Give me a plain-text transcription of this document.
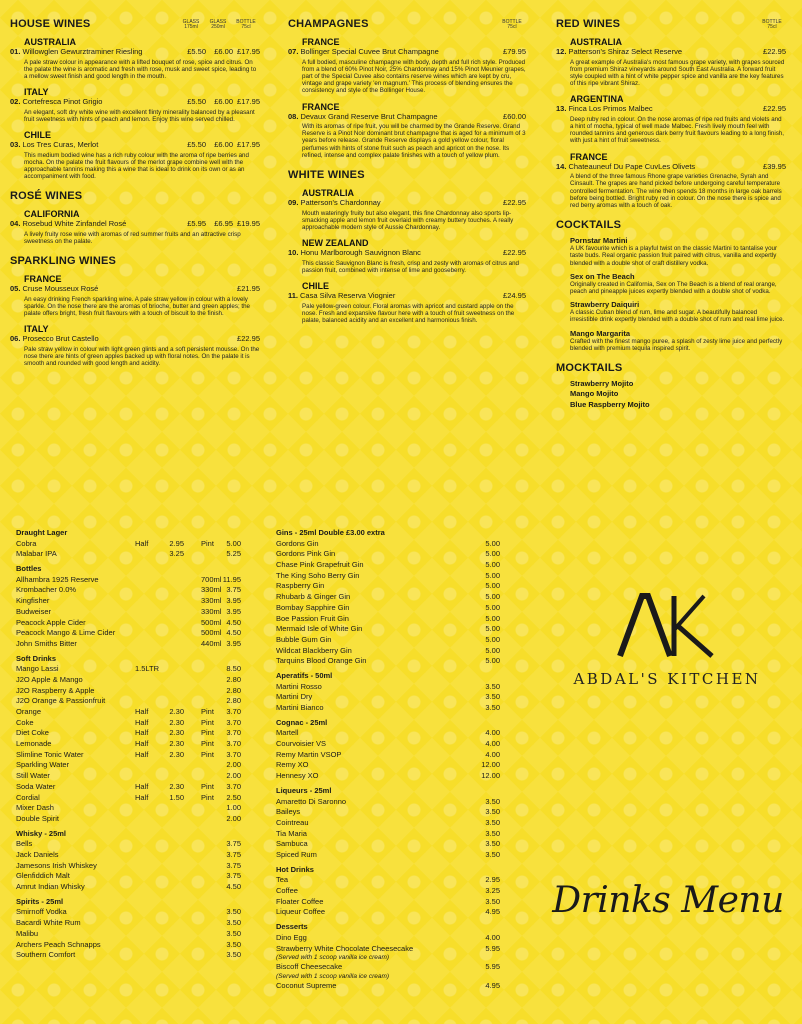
HOUSE WINES	GLASS 175ml
GLASS 250ml
BOTTLE 75cl
AUSTRALIA
01. Willowglen Gewurztraminer Riesling	£5.50 £6.00 £17.95
A pale straw colour in appearance with a lifted bouquet of rose, spice and citrus. On the palate the wine is aromatic and fresh with rose, musk and sweet spice, leading to a mellow sweet finish and good length in the mouth.
ITALY
02. Cortefresca Pinot Grigio	£5.50 £6.00 £17.95
An elegant, soft dry white wine with excellent flinty minerality balanced by a pleasant fruit sweetness with hints of peach and lemon. Enjoy this wine served chilled.
CHILE
03. Los Tres Curas, Merlot	£5.50 £6.00 £17.95
This medium bodied wine has a rich ruby colour with the aroma of ripe berries and mocha. On the palate the fruit flavours of the merlot grape combine well with the approachable tannins making this a wine that is ideal to drink on its own or as an accompaniment with food.
ROSÉ WINES
CALIFORNIA
04. Rosebud White Zinfandel Rosé	£5.95 £6.95 £19.95
A lively fruity rose wine with aromas of red summer fruits and an attractive crisp sweetness on the palate.
SPARKLING WINES
FRANCE
05. Cruse Mousseux Rosé	£21.95
An easy drinking French sparkling wine. A pale straw yellow in colour with a lovely sparkle. On the nose there are the aromas of brioche, butter and green apples; the palate offers bright, fresh fruit flavours with a touch of biscuit to the finish.
ITALY
06. Prosecco Brut Castello	£22.95
Pale straw yellow in colour with light green glints and a soft persistent mousse. On the nose there are hints of green apples backed up with floral notes. On the palate it is smooth and rounded with good length and acidity.
CHAMPAGNES	BOTTLE 75cl
FRANCE
07. Bollinger Special Cuvee Brut Champagne	£79.95
A full bodied, masculine champagne with body, depth and full rich style. Produced from a blend of 60% Pinot Noir, 25% Chardonnay and 15% Pinot Meunier grapes, part of the Special Cuvee also contains reserve wines which are kept by cru, vintage and grape variety 'en magnum.' This process of blending ensures the consistency and style of the Bollinger House.
FRANCE
08. Devaux Grand Reserve Brut Champagne	£60.00
With its aromas of ripe fruit, you will be charmed by the Grande Reserve. Grand Reserve is a Pinot Noir dominant brut champagne that is aged for a minimum of 3 years before release. Grande Reserve displays a gold yellow colour, floral perfumes with hints of stone fruit such as peach and apricot on the nose. Its refined, intense and complex palate finishes with a touch of yellow plum.
WHITE WINES
AUSTRALIA
09. Patterson's Chardonnay	£22.95
Mouth wateringly fruity but also elegant, this fine Chardonnay also sports lip-smacking apple and lemon fruit overlaid with creamy buttery touches. A really approachable modern style of Aussie Chardonnay.
NEW ZEALAND
10. Honu Marlborough Sauvignon Blanc	£22.95
This classic Sauvignon Blanc is fresh, crisp and zesty with aromas of citrus and passion fruit, combined with intense of lime and gooseberry.
CHILE
11. Casa Silva Reserva Viognier	£24.95
Pale yellow-green colour. Floral aromas with apricot and custard apple on the nose. Fresh and expansive flavour here with a touch of fruit sweetness on the palate, balanced acidity and an excellent and harmonious finish.
RED WINES	BOTTLE 75cl
AUSTRALIA
12. Patterson's Shiraz Select Reserve	£22.95
A great example of Australia's most famous grape variety, with grapes sourced from premium Shiraz vineyards around South East Australia. A forward fruit style coupled with a hint of white pepper spice and vanilla are the key features of this ripe vibrant Shiraz.
ARGENTINA
13. Finca Los Primos Malbec	£22.95
Deep ruby red in colour. On the nose aromas of ripe red fruits and violets and a hint of mocha, typical of well made Malbec. Fresh lively mouth feel with rounded tannins and generous dark berry fruit flavours leading to a long finish, with just a hint of fruit sweetness.
FRANCE
14. Chateauneuf Du Pape CuvLes Olivets	£39.95
A blend of the three famous Rhone grape varieties Grenache, Syrah and Cinsault. The grapes are hand picked before undergoing careful temperature controlled fermentation. The wine then spends 18 months in large oak barrels before being bottled. Bright ruby red in colour. On the nose there is spice and red berry aromas with a touch of oak.
COCKTAILS
Pornstar Martini
A UK favourite which is a playful twist on the classic Martini to tantalise your taste buds. Real organic passion fruit paired with citrus, vanilla and expertly blended with a double shot of craft distillery vodka.
Sex on The Beach
Originally created in California, Sex on The Beach is a blend of real orange, peach and pineapple juices expertly blended with a double shot of vodka.
Strawberry Daiquiri
A classic Cuban blend of rum, lime and sugar. A beautifully balanced irresistible drink expertly blended with a double shot of rum and real lime juice.
Mango Margarita
Crafted with the finest mango puree, a splash of zesty lime juice and perfectly blended with premium tequila inspired spirit.
MOCKTAILS
Strawberry Mojito
Mango Mojito
Blue Raspberry Mojito
Draught Lager
Cobra	Half	2.95 Pint	5.00
Malabar IPA	3.25	5.25
Bottles
Allhambra 1925 Reserve	700ml 11.95
Krombacher 0.0%	330ml 3.75
Kingfisher	330ml 3.95
Budweiser	330ml 3.95
Peacock Apple Cider	500ml 4.50
Peacock Mango & Lime Cider	500ml 4.50
John Smiths Bitter	440ml 3.95
Soft Drinks
Mango Lassi	1.5LTR	8.50
J2O Apple & Mango	2.80
J2O Raspberry & Apple	2.80
J2O Orange & Passionfruit	2.80
Orange	Half	2.30 Pint	3.70
Coke	Half	2.30 Pint	3.70
Diet Coke	Half	2.30 Pint	3.70
Lemonade	Half	2.30 Pint	3.70
Slimline Tonic Water	Half	2.30 Pint	3.70
Sparkling Water	2.00
Still Water	2.00
Soda Water	Half	2.30 Pint	3.70
Cordial	Half	1.50 Pint	2.50
Mixer Dash	1.00
Double Spirit	2.00
Whisky - 25ml
Bells	3.75
Jack Daniels	3.75
Jamesons Irish Whiskey	3.75
Glenfiddich Malt	3.75
Amrut Indian Whisky	4.50
Spirits - 25ml
Smirnoff Vodka	3.50
Bacardi White Rum	3.50
Malibu	3.50
Archers Peach Schnapps	3.50
Southern Comfort	3.50
Gins - 25ml Double £3.00 extra
Gordons Gin	5.00
Gordons Pink Gin	5.00
Chase Pink Grapefruit Gin	5.00
The King Soho Berry Gin	5.00
Raspberry Gin	5.00
Rhubarb & Ginger Gin	5.00
Bombay Sapphire Gin	5.00
Boe Passion Fruit Gin	5.00
Mermaid Isle of White Gin	5.00
Bubble Gum Gin	5.00
Wildcat Blackberry Gin	5.00
Tarquins Blood Orange Gin	5.00
Aperatifs - 50ml
Martini Rosso	3.50
Martini Dry	3.50
Martini Bianco	3.50
Cognac - 25ml
Martell	4.00
Courvoisier VS	4.00
Remy Martin VSOP	4.00
Remy XO	12.00
Hennesy XO	12.00
Liqueurs - 25ml
Amaretto Di Saronno	3.50
Baileys	3.50
Cointreau	3.50
Tia Maria	3.50
Sambuca	3.50
Spiced Rum	3.50
Hot Drinks
Tea	2.95
Coffee	3.25
Floater Coffee	3.50
Liqueur Coffee	4.95
Desserts
Dino Egg	4.00
Strawberry White Chocolate Cheesecake	5.95
(Served with 1 scoop vanilla ice cream)
Biscoff Cheesecake	5.95
(Served with 1 scoop vanilla ice cream)
Coconut Supreme	4.95
ABDAL'S KITCHEN
Drinks Menu
